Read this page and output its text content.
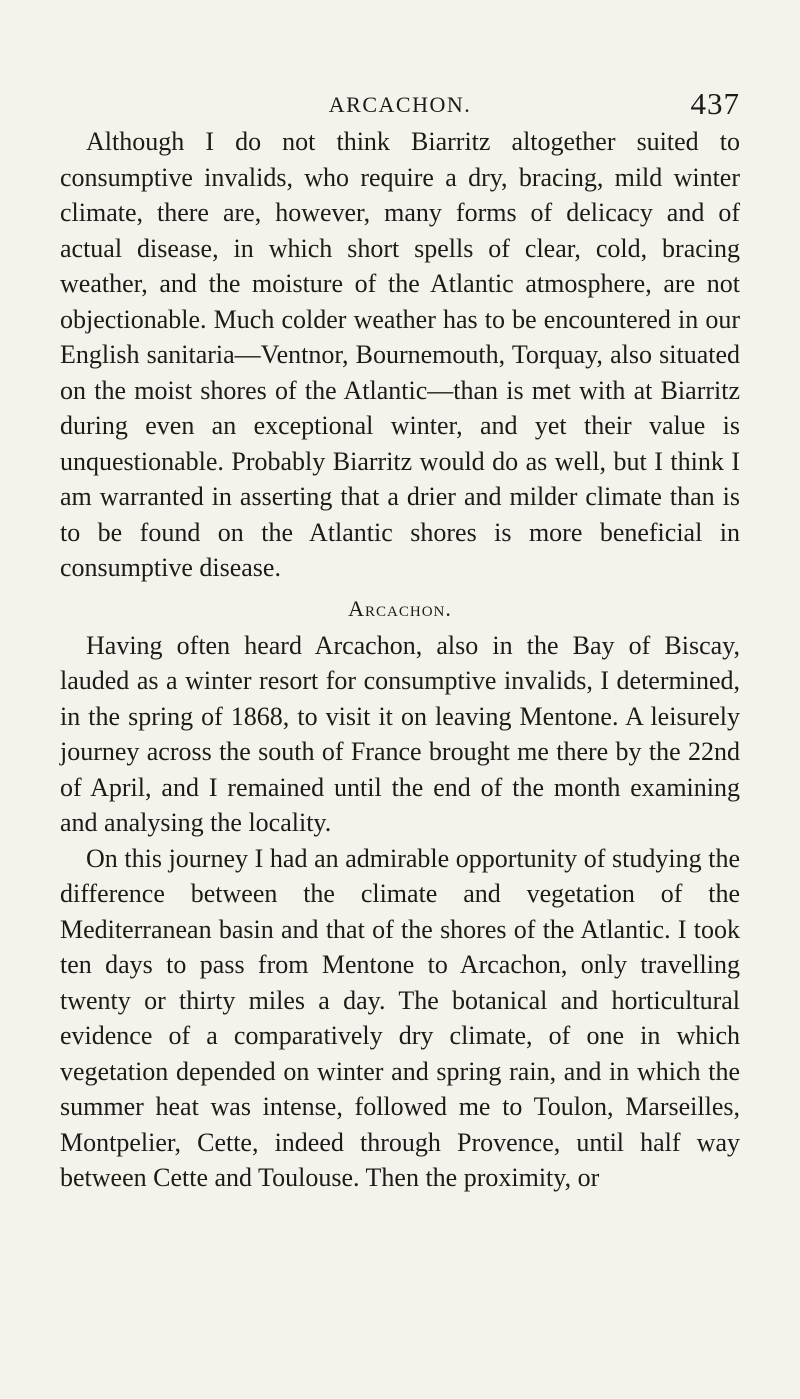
ARCACHON.	437

Although I do not think Biarritz altogether suited to consumptive invalids, who require a dry, bracing, mild winter climate, there are, however, many forms of delicacy and of actual disease, in which short spells of clear, cold, bracing weather, and the moisture of the Atlantic atmosphere, are not objectionable. Much colder weather has to be encountered in our English sanitaria—Ventnor, Bournemouth, Torquay, also situated on the moist shores of the Atlantic—than is met with at Biarritz during even an exceptional winter, and yet their value is unquestionable. Probably Biarritz would do as well, but I think I am warranted in asserting that a drier and milder climate than is to be found on the Atlantic shores is more beneficial in consumptive disease.

Arcachon.

Having often heard Arcachon, also in the Bay of Biscay, lauded as a winter resort for consumptive invalids, I determined, in the spring of 1868, to visit it on leaving Mentone. A leisurely journey across the south of France brought me there by the 22nd of April, and I remained until the end of the month examining and analysing the locality.

On this journey I had an admirable opportunity of studying the difference between the climate and vegetation of the Mediterranean basin and that of the shores of the Atlantic. I took ten days to pass from Mentone to Arcachon, only travelling twenty or thirty miles a day. The botanical and horticultural evidence of a comparatively dry climate, of one in which vegetation depended on winter and spring rain, and in which the summer heat was intense, followed me to Toulon, Marseilles, Montpelier, Cette, indeed through Provence, until half way between Cette and Toulouse. Then the proximity, or
